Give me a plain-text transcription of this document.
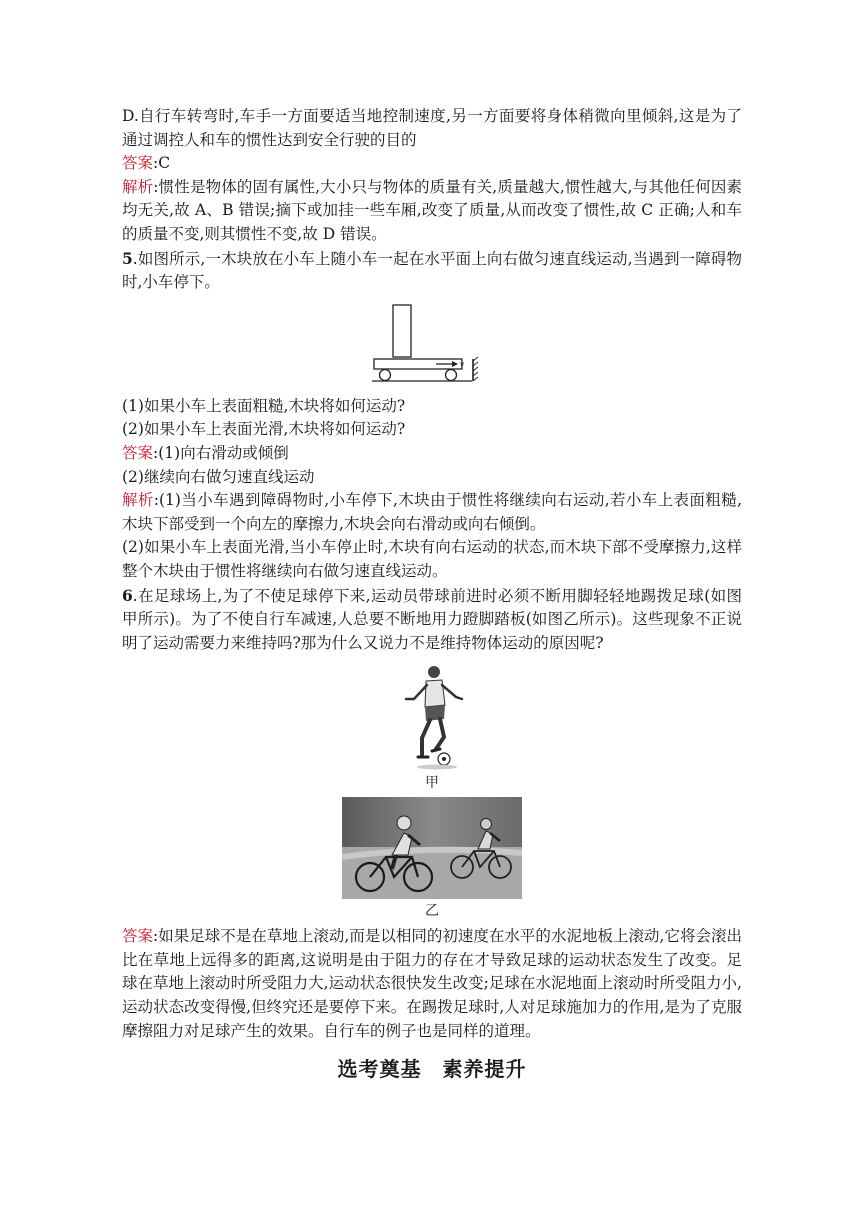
D.自行车转弯时,车手一方面要适当地控制速度,另一方面要将身体稍微向里倾斜,这是为了通过调控人和车的惯性达到安全行驶的目的

答案:C

解析:惯性是物体的固有属性,大小只与物体的质量有关,质量越大,惯性越大,与其他任何因素均无关,故 A、B 错误;摘下或加挂一些车厢,改变了质量,从而改变了惯性,故 C 正确;人和车的质量不变,则其惯性不变,故 D 错误。

5.如图所示,一木块放在小车上随小车一起在水平面上向右做匀速直线运动,当遇到一障碍物时,小车停下。

v

(1)如果小车上表面粗糙,木块将如何运动?

(2)如果小车上表面光滑,木块将如何运动?

答案:(1)向右滑动或倾倒

(2)继续向右做匀速直线运动

解析:(1)当小车遇到障碍物时,小车停下,木块由于惯性将继续向右运动,若小车上表面粗糙,木块下部受到一个向左的摩擦力,木块会向右滑动或向右倾倒。

(2)如果小车上表面光滑,当小车停止时,木块有向右运动的状态,而木块下部不受摩擦力,这样整个木块由于惯性将继续向右做匀速直线运动。

6.在足球场上,为了不使足球停下来,运动员带球前进时必须不断用脚轻轻地踢拨足球(如图甲所示)。为了不使自行车减速,人总要不断地用力蹬脚踏板(如图乙所示)。这些现象不正说明了运动需要力来维持吗?那为什么又说力不是维持物体运动的原因呢?

甲
乙

答案:如果足球不是在草地上滚动,而是以相同的初速度在水平的水泥地板上滚动,它将会滚出比在草地上远得多的距离,这说明是由于阻力的存在才导致足球的运动状态发生了改变。足球在草地上滚动时所受阻力大,运动状态很快发生改变;足球在水泥地面上滚动时所受阻力小,运动状态改变得慢,但终究还是要停下来。在踢拨足球时,人对足球施加力的作用,是为了克服摩擦阻力对足球产生的效果。自行车的例子也是同样的道理。

选考奠基　素养提升
